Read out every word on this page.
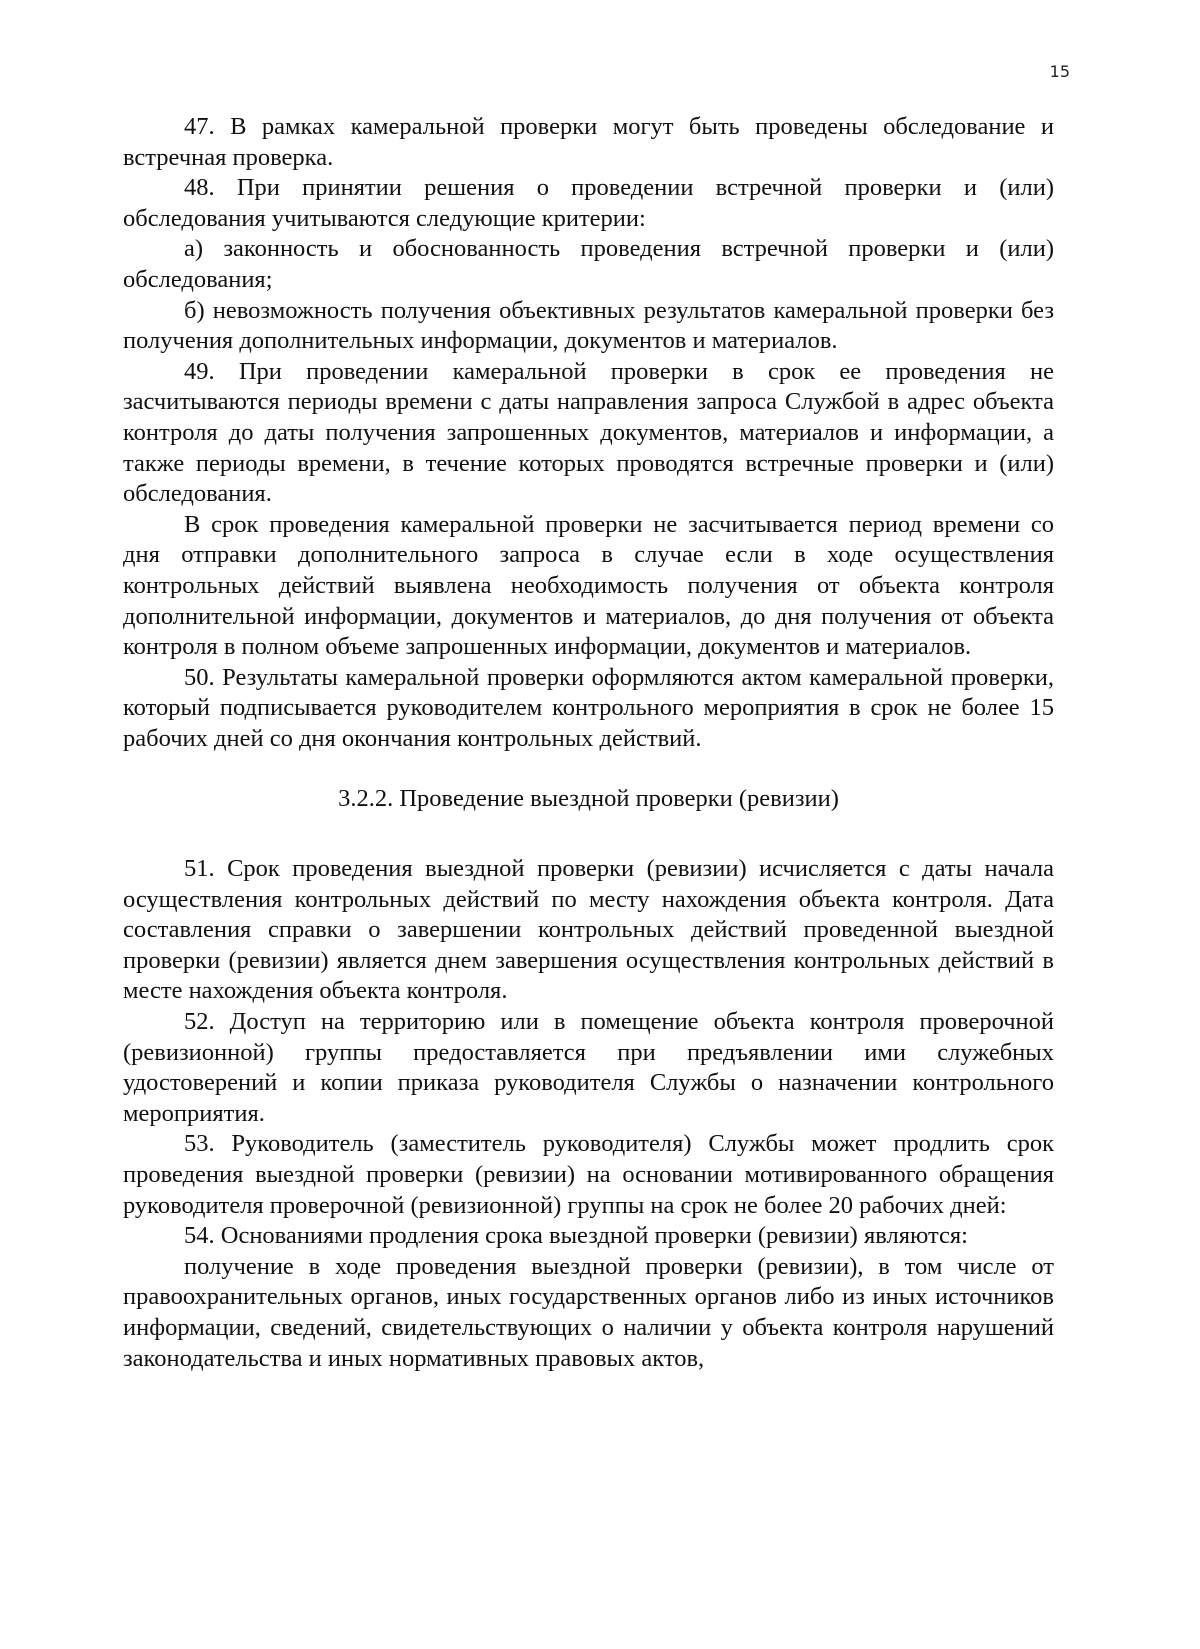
15

47. В рамках камеральной проверки могут быть проведены обследование и встречная проверка.

48. При принятии решения о проведении встречной проверки и (или) обследования учитываются следующие критерии:

а) законность и обоснованность проведения встречной проверки и (или) обследования;

б) невозможность получения объективных результатов камеральной проверки без получения дополнительных информации, документов и материалов.

49. При проведении камеральной проверки в срок ее проведения не засчитываются периоды времени с даты направления запроса Службой в адрес объекта контроля до даты получения запрошенных документов, материалов и информации, а также периоды времени, в течение которых проводятся встречные проверки и (или) обследования.

В срок проведения камеральной проверки не засчитывается период времени со дня отправки дополнительного запроса в случае если в ходе осуществления контрольных действий выявлена необходимость получения от объекта контроля дополнительной информации, документов и материалов, до дня получения от объекта контроля в полном объеме запрошенных информации, документов и материалов.

50. Результаты камеральной проверки оформляются актом камеральной проверки, который подписывается руководителем контрольного мероприятия в срок не более 15 рабочих дней со дня окончания контрольных действий.

3.2.2. Проведение выездной проверки (ревизии)

51. Срок проведения выездной проверки (ревизии) исчисляется с даты начала осуществления контрольных действий по месту нахождения объекта контроля. Дата составления справки о завершении контрольных действий проведенной выездной проверки (ревизии) является днем завершения осуществления контрольных действий в месте нахождения объекта контроля.

52. Доступ на территорию или в помещение объекта контроля проверочной (ревизионной) группы предоставляется при предъявлении ими служебных удостоверений и копии приказа руководителя Службы о назначении контрольного мероприятия.

53. Руководитель (заместитель руководителя) Службы может продлить срок проведения выездной проверки (ревизии) на основании мотивированного обращения руководителя проверочной (ревизионной) группы на срок не более 20 рабочих дней:

54. Основаниями продления срока выездной проверки (ревизии) являются:

получение в ходе проведения выездной проверки (ревизии), в том числе от правоохранительных органов, иных государственных органов либо из иных источников информации, сведений, свидетельствующих о наличии у объекта контроля нарушений законодательства и иных нормативных правовых актов,
